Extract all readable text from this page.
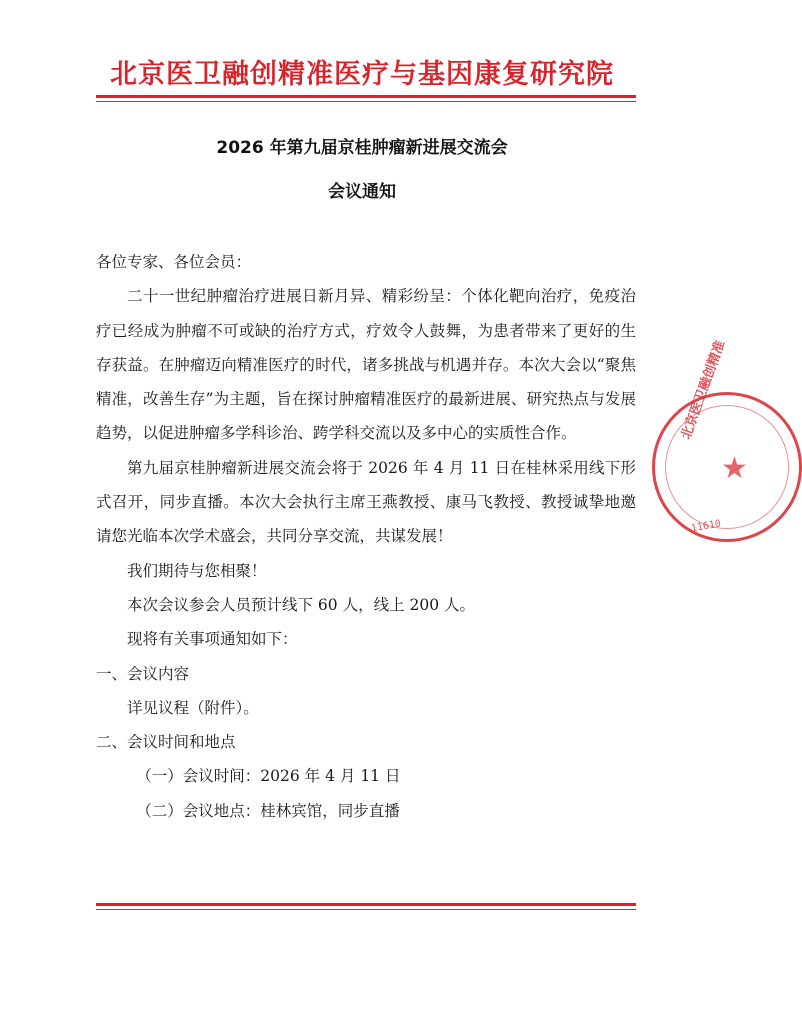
北京医卫融创精准医疗与基因康复研究院
2026 年第九届京桂肿瘤新进展交流会
会议通知

各位专家、各位会员：

二十一世纪肿瘤治疗进展日新月异、精彩纷呈：个体化靶向治疗，免疫治疗已经成为肿瘤不可或缺的治疗方式，疗效令人鼓舞，为患者带来了更好的生存获益。在肿瘤迈向精准医疗的时代，诸多挑战与机遇并存。本次大会以“聚焦精准，改善生存”为主题，旨在探讨肿瘤精准医疗的最新进展、研究热点与发展趋势，以促进肿瘤多学科诊治、跨学科交流以及多中心的实质性合作。

第九届京桂肿瘤新进展交流会将于 2026 年 4 月 11 日在桂林采用线下形式召开，同步直播。本次大会执行主席王燕教授、康马飞教授、教授诚挚地邀请您光临本次学术盛会，共同分享交流，共谋发展！

我们期待与您相聚！

本次会议参会人员预计线下 60 人，线上 200 人。

现将有关事项通知如下：

一、会议内容

详见议程（附件）。

二、会议时间和地点

（一）会议时间：2026 年 4 月 11 日

（二）会议地点：桂林宾馆，同步直播

北京医卫融创精准
★
11610
